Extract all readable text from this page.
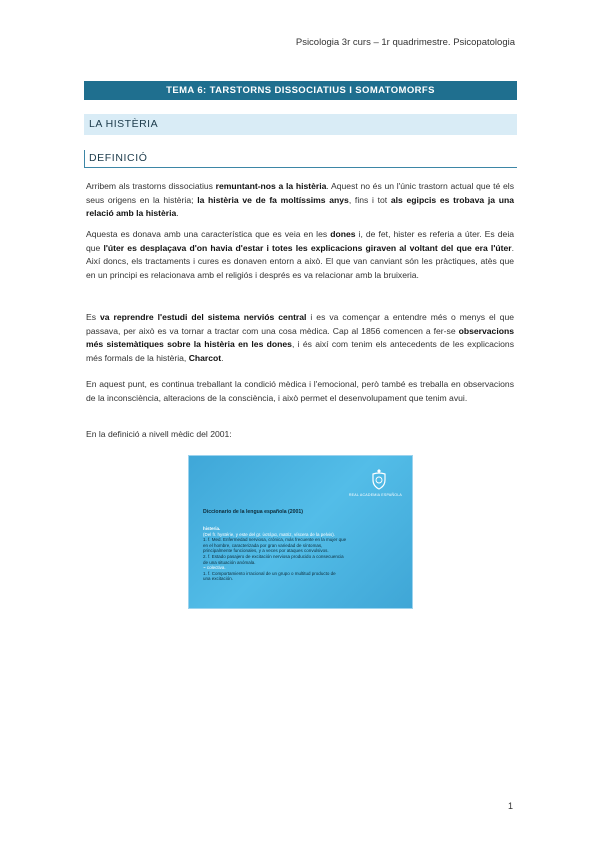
Psicologia 3r curs – 1r quadrimestre. Psicopatologia
TEMA 6: TARSTORNS DISSOCIATIUS I SOMATOMORFS
LA HISTÈRIA
DEFINICIÓ
Arribem als trastorns dissociatius remuntant-nos a la histèria. Aquest no és un l'únic trastorn actual que té els seus origens en la histèria; la histèria ve de fa moltíssims anys, fins i tot als egipcis es trobava ja una relació amb la histèria.
Aquesta es donava amb una característica que es veia en les dones i, de fet, hister es referia a úter. Es deia que l'úter es desplaçava d'on havia d'estar i totes les explicacions giraven al voltant del que era l'úter. Així doncs, els tractaments i cures es donaven entorn a això. El que van canviant són les pràctiques, atès que en un principi es relacionava amb el religiós i després es va relacionar amb la bruixeria.
Es va reprendre l'estudi del sistema nerviós central i es va començar a entendre més o menys el que passava, per això es va tornar a tractar com una cosa mèdica. Cap al 1856 comencen a fer-se observacions més sistemàtiques sobre la histèria en les dones, i és així com tenim els antecedents de les explicacions més formals de la histèria, Charcot.
En aquest punt, es continua treballant la condició mèdica i l'emocional, però també es treballa en observacions de la inconsciència, alteracions de la consciència, i això permet el desenvolupament que tenim avui.
En la definició a nivell mèdic del 2001:
REAL ACADEMIA ESPAÑOLA
Diccionario de la lengua española (2001)
histeria.
(Del fr. hystérie, y este del gr. ὑστέρα, matriz, víscera de la pelvis).
1. f. Med. Enfermedad nerviosa, crónica, más frecuente en la mujer que
en el hombre, caracterizada por gran variedad de síntomas,
principalmente funcionales, y a veces por ataques convulsivos.
2. f. Estado pasajero de excitación nerviosa producido a consecuencia
de una situación anómala.
~ colectiva.
1. f. Comportamiento irracional de un grupo o multitud producto de
una excitación.
1
